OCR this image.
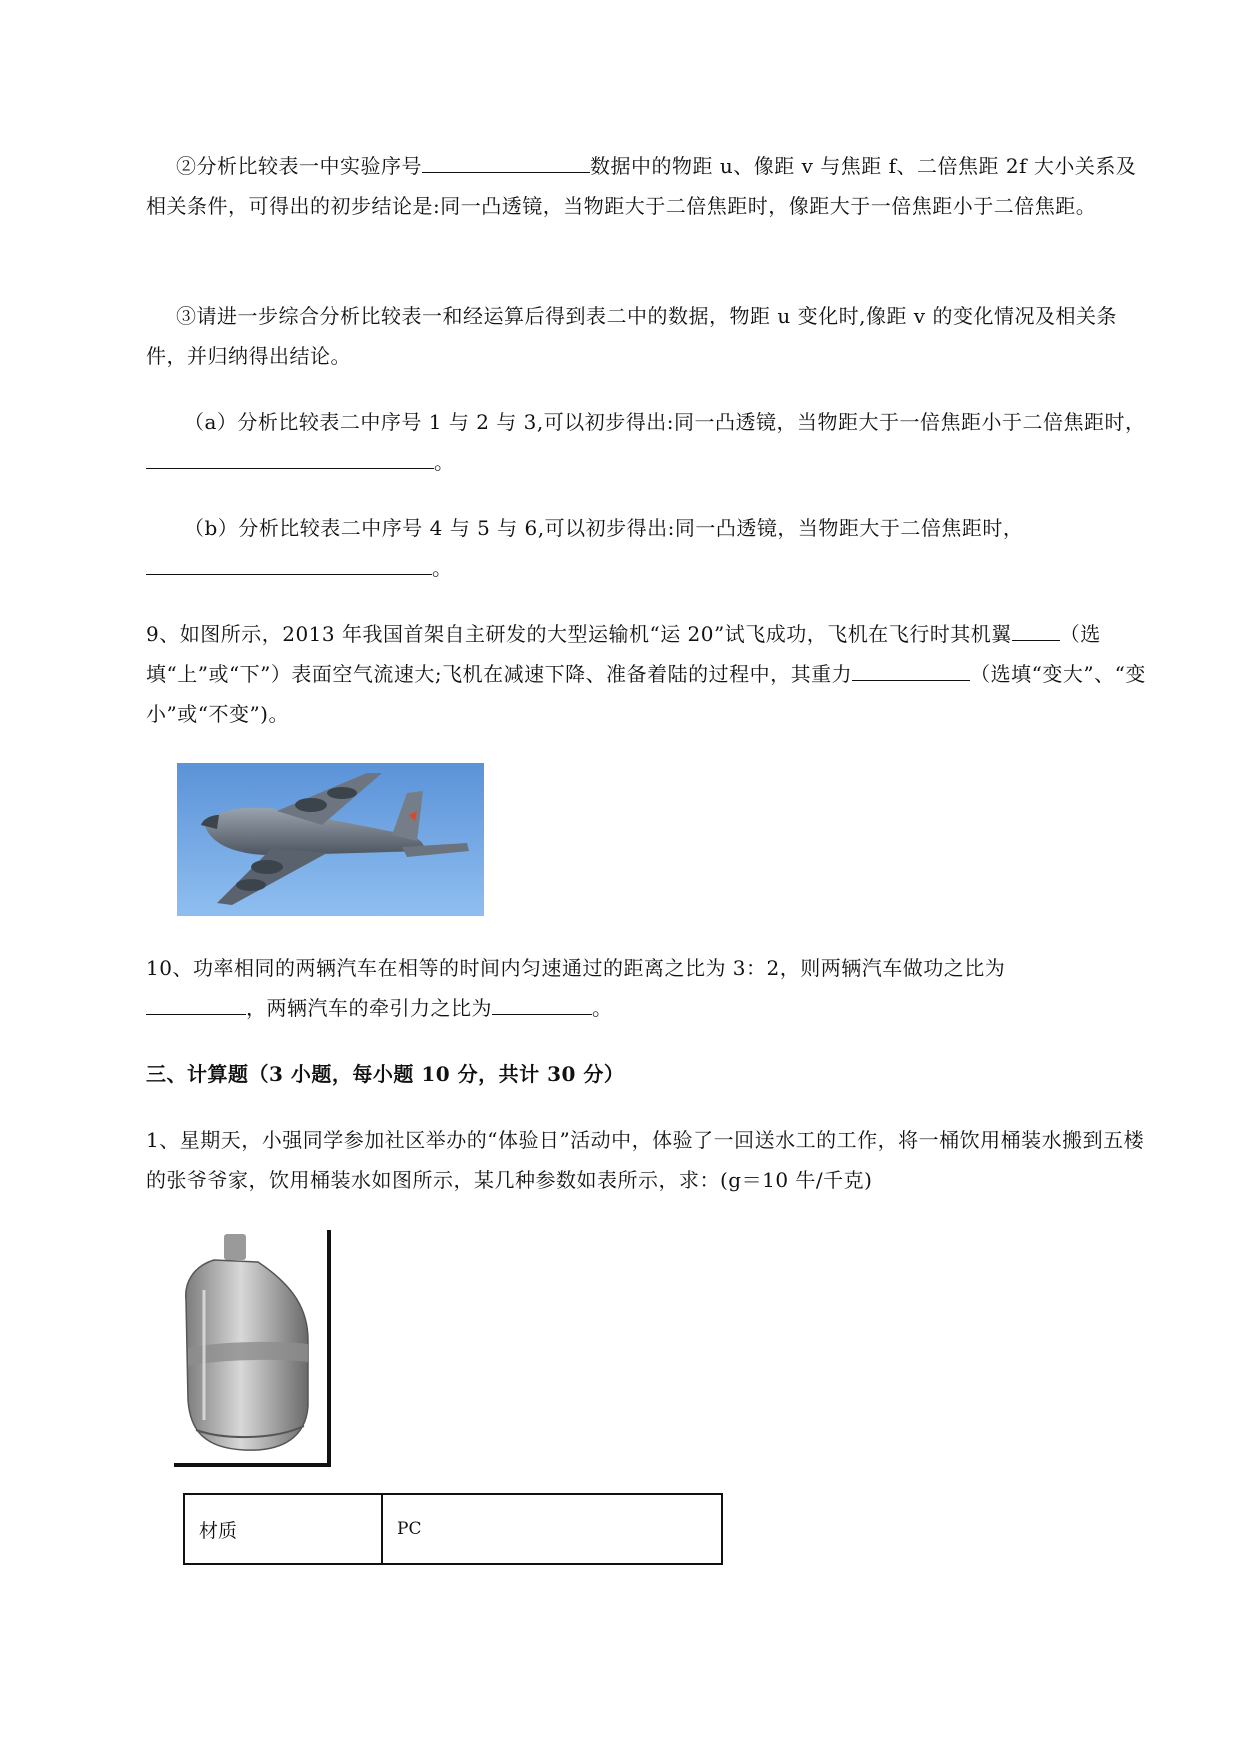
②分析比较表一中实验序号	数据中的物距 u、像距 v 与焦距 f、二倍焦距 2f 大小关系及相关条件，可得出的初步结论是:同一凸透镜，当物距大于二倍焦距时，像距大于一倍焦距小于二倍焦距。

③请进一步综合分析比较表一和经运算后得到表二中的数据，物距 u 变化时,像距 v 的变化情况及相关条件，并归纳得出结论。

（a）分析比较表二中序号 1 与 2 与 3,可以初步得出:同一凸透镜，当物距大于一倍焦距小于二倍焦距时，。

（b）分析比较表二中序号 4 与 5 与 6,可以初步得出:同一凸透镜，当物距大于二倍焦距时，。

9、如图所示，2013 年我国首架自主研发的大型运输机“运 20”试飞成功，飞机在飞行时其机翼 （选填“上”或“下”）表面空气流速大;飞机在减速下降、准备着陆的过程中，其重力	（选填“变大”、“变小”或“不变”)。

10、功率相同的两辆汽车在相等的时间内匀速通过的距离之比为 3：2，则两辆汽车做功之比为，两辆汽车的牵引力之比为	。

三、计算题（3 小题，每小题 10 分，共计 30 分）

1、星期天，小强同学参加社区举办的“体验日”活动中，体验了一回送水工的工作，将一桶饮用桶装水搬到五楼的张爷爷家，饮用桶装水如图所示，某几种参数如表所示，求：(g＝10 牛/千克)

材质	PC
